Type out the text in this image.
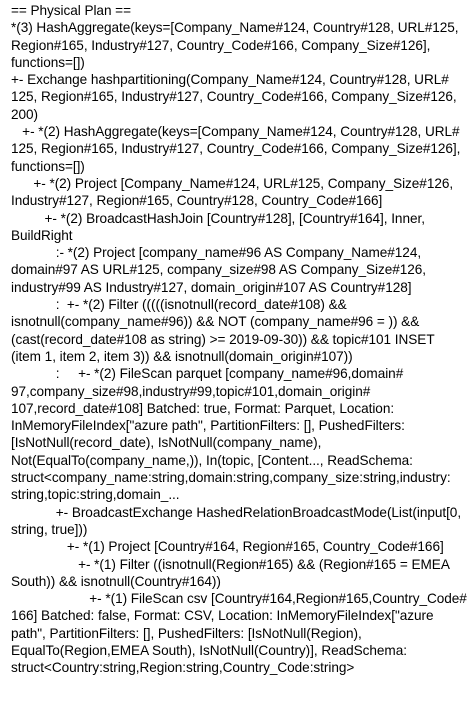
== Physical Plan ==
*(3) HashAggregate(keys=[Company_Name#124, Country#128, URL#125,
Region#165, Industry#127, Country_Code#166, Company_Size#126],
functions=[])
+- Exchange hashpartitioning(Company_Name#124, Country#128, URL#
125, Region#165, Industry#127, Country_Code#166, Company_Size#126,
200)
+- *(2) HashAggregate(keys=[Company_Name#124, Country#128, URL#
125, Region#165, Industry#127, Country_Code#166, Company_Size#126],
functions=[])
+- *(2) Project [Company_Name#124, URL#125, Company_Size#126,
Industry#127, Region#165, Country#128, Country_Code#166]
+- *(2) BroadcastHashJoin [Country#128], [Country#164], Inner,
BuildRight
:- *(2) Project [company_name#96 AS Company_Name#124,
domain#97 AS URL#125, company_size#98 AS Company_Size#126,
industry#99 AS Industry#127, domain_origin#107 AS Country#128]
:  +- *(2) Filter (((((isnotnull(record_date#108) &&
isnotnull(company_name#96)) && NOT (company_name#96 = )) &&
(cast(record_date#108 as string) >= 2019-09-30)) && topic#101 INSET
(item 1, item 2, item 3)) && isnotnull(domain_origin#107))
:     +- *(2) FileScan parquet [company_name#96,domain#
97,company_size#98,industry#99,topic#101,domain_origin#
107,record_date#108] Batched: true, Format: Parquet, Location:
InMemoryFileIndex["azure path", PartitionFilters: [], PushedFilters:
[IsNotNull(record_date), IsNotNull(company_name),
Not(EqualTo(company_name,)), In(topic, [Content..., ReadSchema:
struct<company_name:string,domain:string,company_size:string,industry:
string,topic:string,domain_...
+- BroadcastExchange HashedRelationBroadcastMode(List(input[0,
string, true]))
+- *(1) Project [Country#164, Region#165, Country_Code#166]
+- *(1) Filter ((isnotnull(Region#165) && (Region#165 = EMEA
South)) && isnotnull(Country#164))
+- *(1) FileScan csv [Country#164,Region#165,Country_Code#
166] Batched: false, Format: CSV, Location: InMemoryFileIndex["azure
path", PartitionFilters: [], PushedFilters: [IsNotNull(Region),
EqualTo(Region,EMEA South), IsNotNull(Country)], ReadSchema:
struct<Country:string,Region:string,Country_Code:string>
